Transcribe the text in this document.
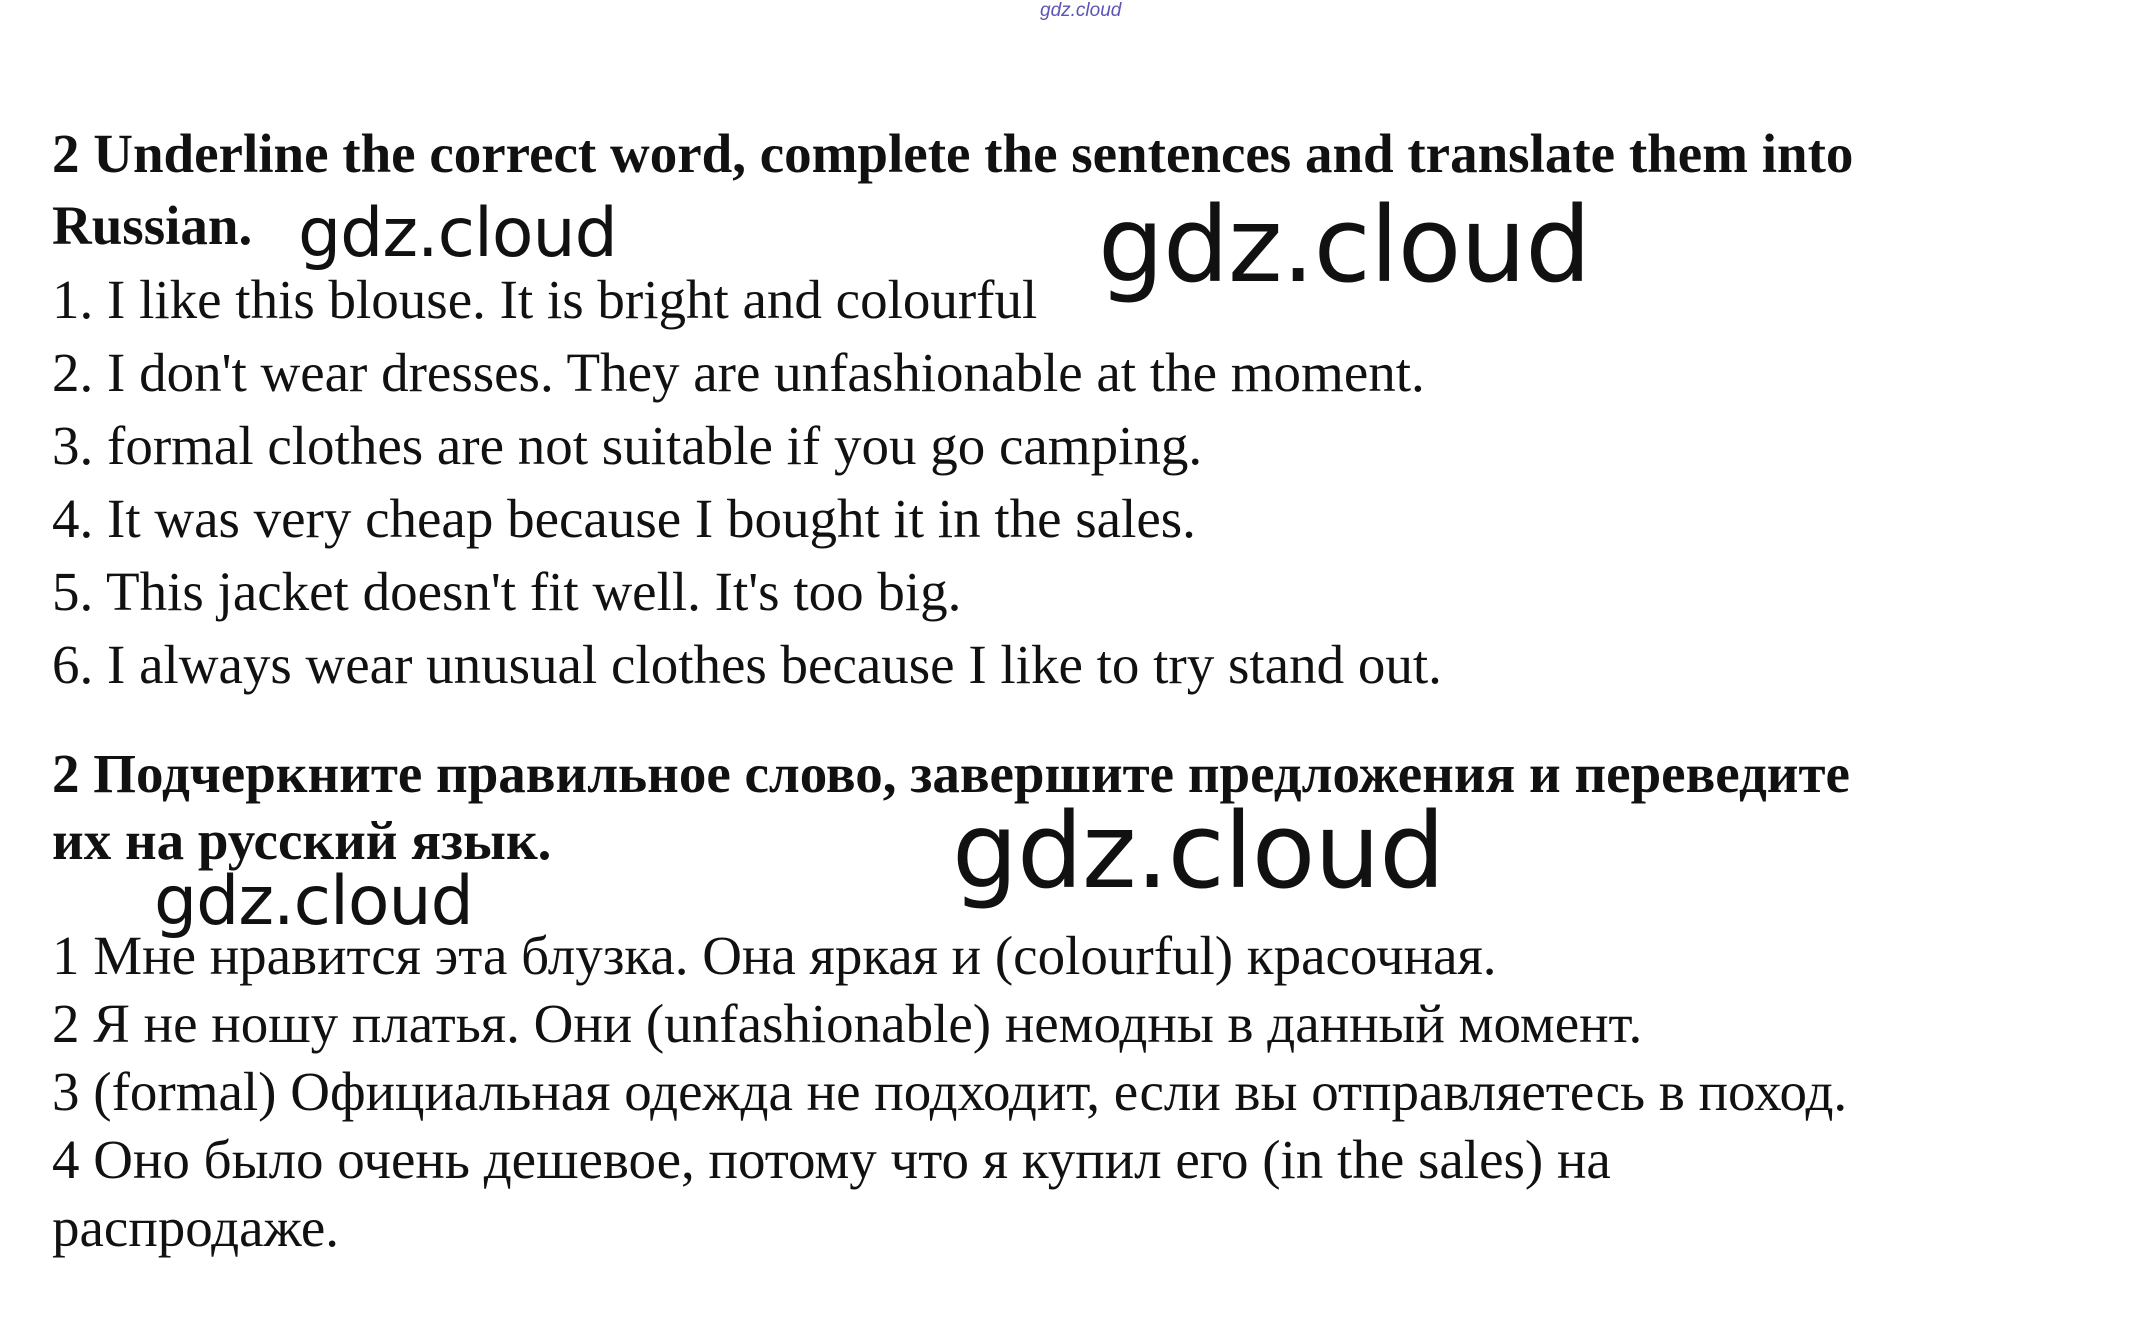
gdz.cloud
2 Underline the correct word, complete the sentences and translate them into
Russian.
1. I like this blouse. It is bright and colourful
2. I don't wear dresses. They are unfashionable at the moment.
3. formal clothes are not suitable if you go camping.
4. It was very cheap because I bought it in the sales.
5. This jacket doesn't fit well. It's too big.
6. I always wear unusual clothes because I like to try stand out.
2 Подчеркните правильное слово, завершите предложения и переведите
их на русский язык.
1 Мне нравится эта блузка. Она яркая и (colourful) красочная.
2 Я не ношу платья. Они (unfashionable) немодны в данный момент.
3 (formal) Официальная одежда не подходит, если вы отправляетесь в поход.
4 Оно было очень дешевое, потому что я купил его (in the sales) на
распродаже.
gdz.cloud	gdz.cloud
gdz.cloud
gdz.cloud
